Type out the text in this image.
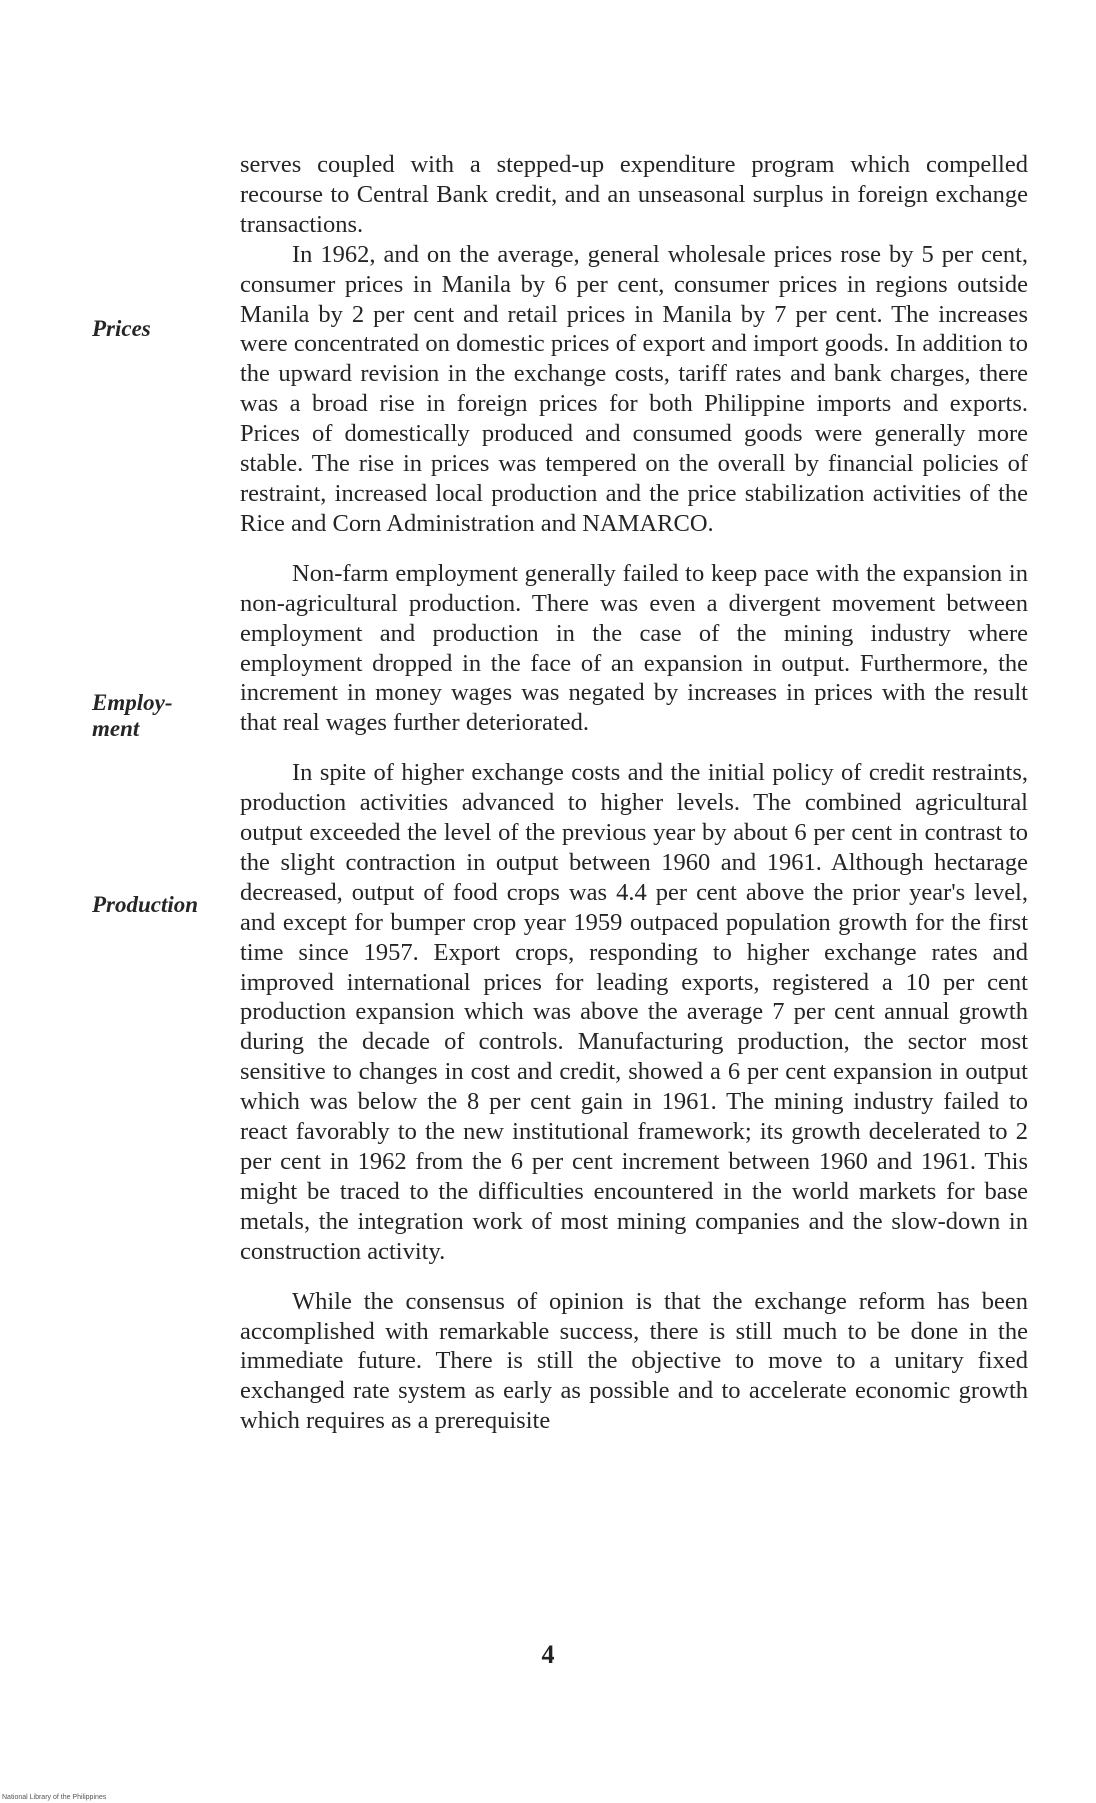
Prices
Employ-ment
Production

serves coupled with a stepped-up expenditure program which compelled recourse to Central Bank credit, and an unseasonal surplus in foreign exchange transactions.

In 1962, and on the average, general wholesale prices rose by 5 per cent, consumer prices in Manila by 6 per cent, consumer prices in regions outside Manila by 2 per cent and retail prices in Manila by 7 per cent. The increases were concentrated on domestic prices of export and import goods. In addition to the upward revision in the exchange costs, tariff rates and bank charges, there was a broad rise in foreign prices for both Philippine imports and exports. Prices of domestically produced and consumed goods were generally more stable. The rise in prices was tempered on the overall by financial policies of restraint, increased local production and the price stabilization activities of the Rice and Corn Administration and NAMARCO.

Non-farm employment generally failed to keep pace with the expansion in non-agricultural production. There was even a divergent movement between employment and production in the case of the mining industry where employment dropped in the face of an expansion in output. Furthermore, the increment in money wages was negated by increases in prices with the result that real wages further deteriorated.

In spite of higher exchange costs and the initial policy of credit restraints, production activities advanced to higher levels. The combined agricultural output exceeded the level of the previous year by about 6 per cent in contrast to the slight contraction in output between 1960 and 1961. Although hectarage decreased, output of food crops was 4.4 per cent above the prior year's level, and except for bumper crop year 1959 outpaced population growth for the first time since 1957. Export crops, responding to higher exchange rates and improved international prices for leading exports, registered a 10 per cent production expansion which was above the average 7 per cent annual growth during the decade of controls. Manufacturing production, the sector most sensitive to changes in cost and credit, showed a 6 per cent expansion in output which was below the 8 per cent gain in 1961. The mining industry failed to react favorably to the new institutional framework; its growth decelerated to 2 per cent in 1962 from the 6 per cent increment between 1960 and 1961. This might be traced to the difficulties encountered in the world markets for base metals, the integration work of most mining companies and the slow-down in construction activity.

While the consensus of opinion is that the exchange reform has been accomplished with remarkable success, there is still much to be done in the immediate future. There is still the objective to move to a unitary fixed exchanged rate system as early as possible and to accelerate economic growth which requires as a prerequisite

4
National Library of the Philippines
